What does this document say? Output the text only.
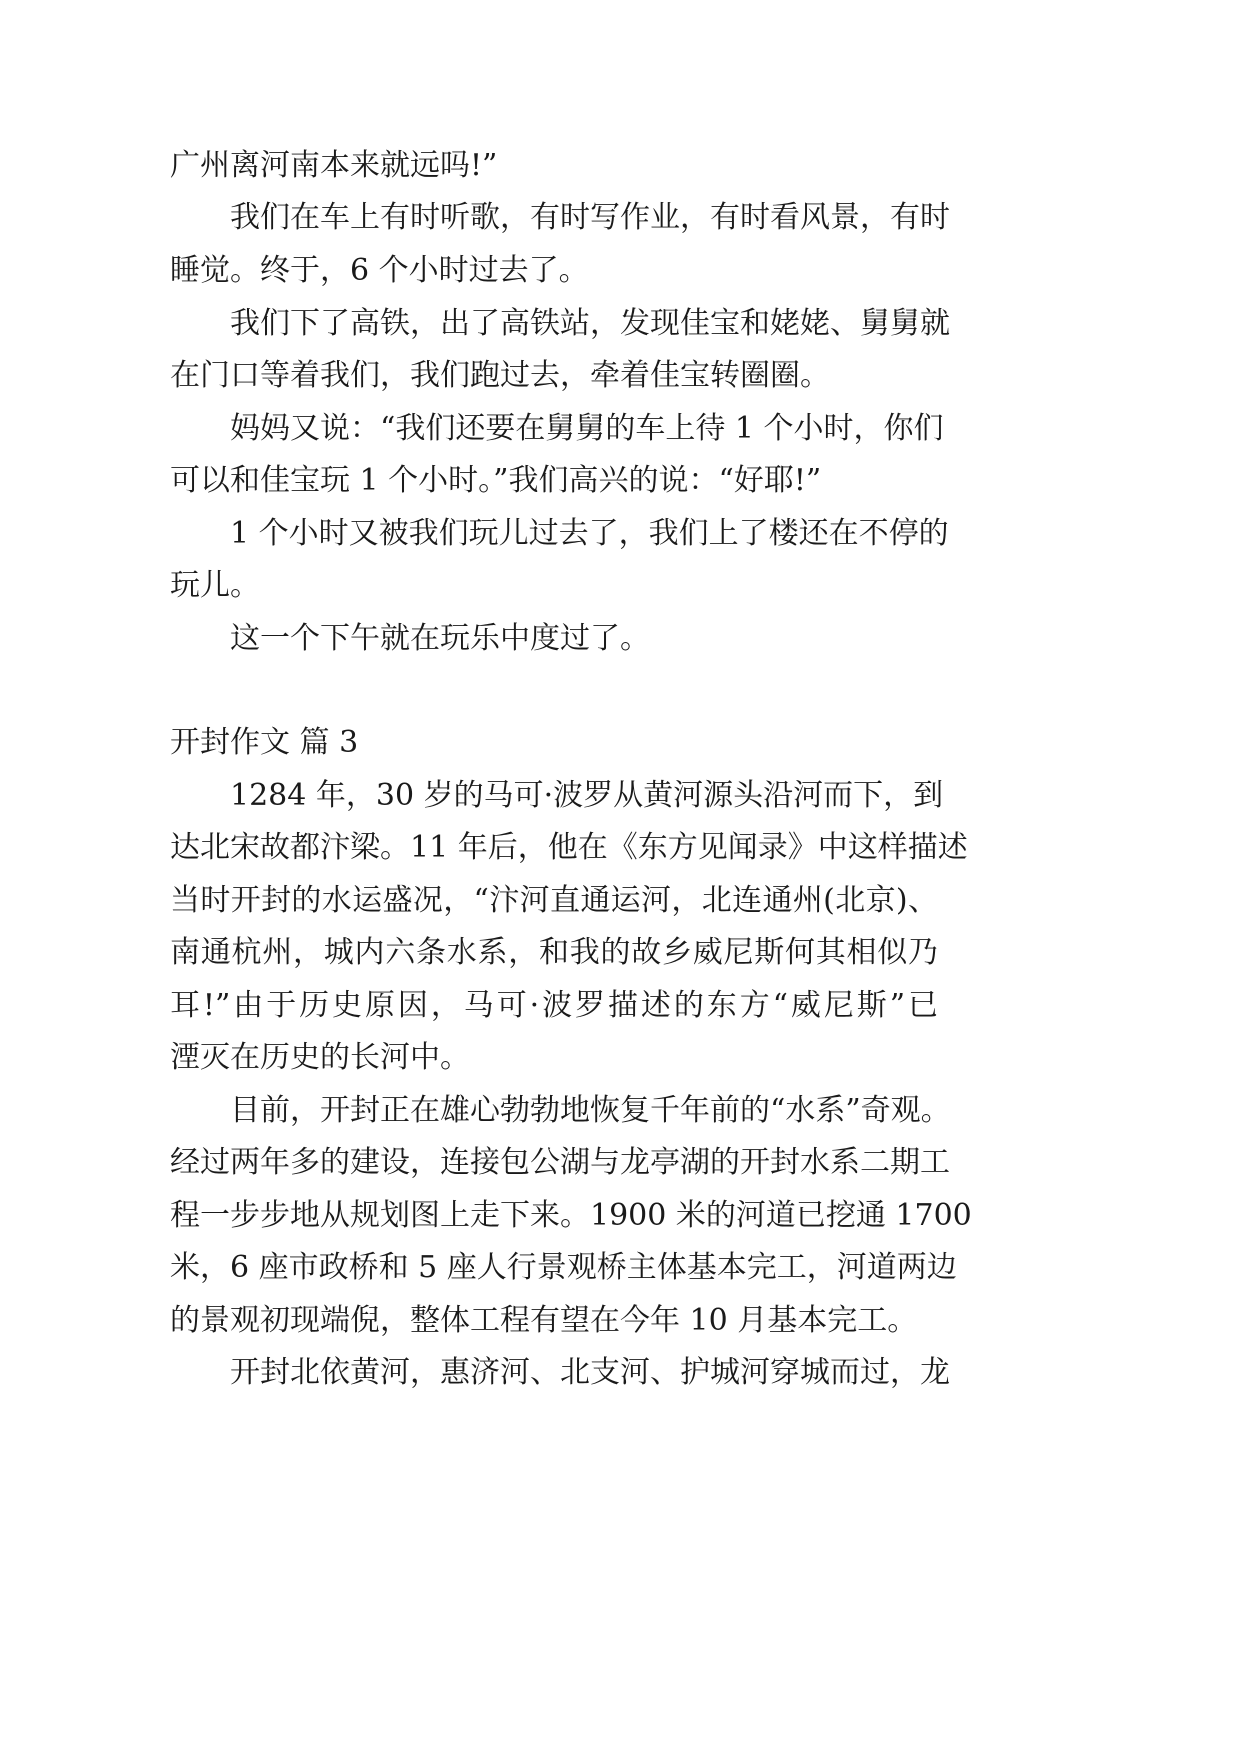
广州离河南本来就远吗!”
我们在车上有时听歌，有时写作业，有时看风景，有时
睡觉。终于，6 个小时过去了。
我们下了高铁，出了高铁站，发现佳宝和姥姥、舅舅就
在门口等着我们，我们跑过去，牵着佳宝转圈圈。
妈妈又说：“我们还要在舅舅的车上待 1 个小时，你们
可以和佳宝玩 1 个小时。”我们高兴的说：“好耶!”
1 个小时又被我们玩儿过去了，我们上了楼还在不停的
玩儿。
这一个下午就在玩乐中度过了。
开封作文 篇 3
1284 年，30 岁的马可·波罗从黄河源头沿河而下，到
达北宋故都汴梁。11 年后，他在《东方见闻录》中这样描述
当时开封的水运盛况，“汴河直通运河，北连通州(北京)、
南通杭州，城内六条水系，和我的故乡威尼斯何其相似乃
耳!”由于历史原因，马可·波罗描述的东方“威尼斯”已
湮灭在历史的长河中。
目前，开封正在雄心勃勃地恢复千年前的“水系”奇观。
经过两年多的建设，连接包公湖与龙亭湖的开封水系二期工
程一步步地从规划图上走下来。1900 米的河道已挖通 1700
米，6 座市政桥和 5 座人行景观桥主体基本完工，河道两边
的景观初现端倪，整体工程有望在今年 10 月基本完工。
开封北依黄河，惠济河、北支河、护城河穿城而过，龙
